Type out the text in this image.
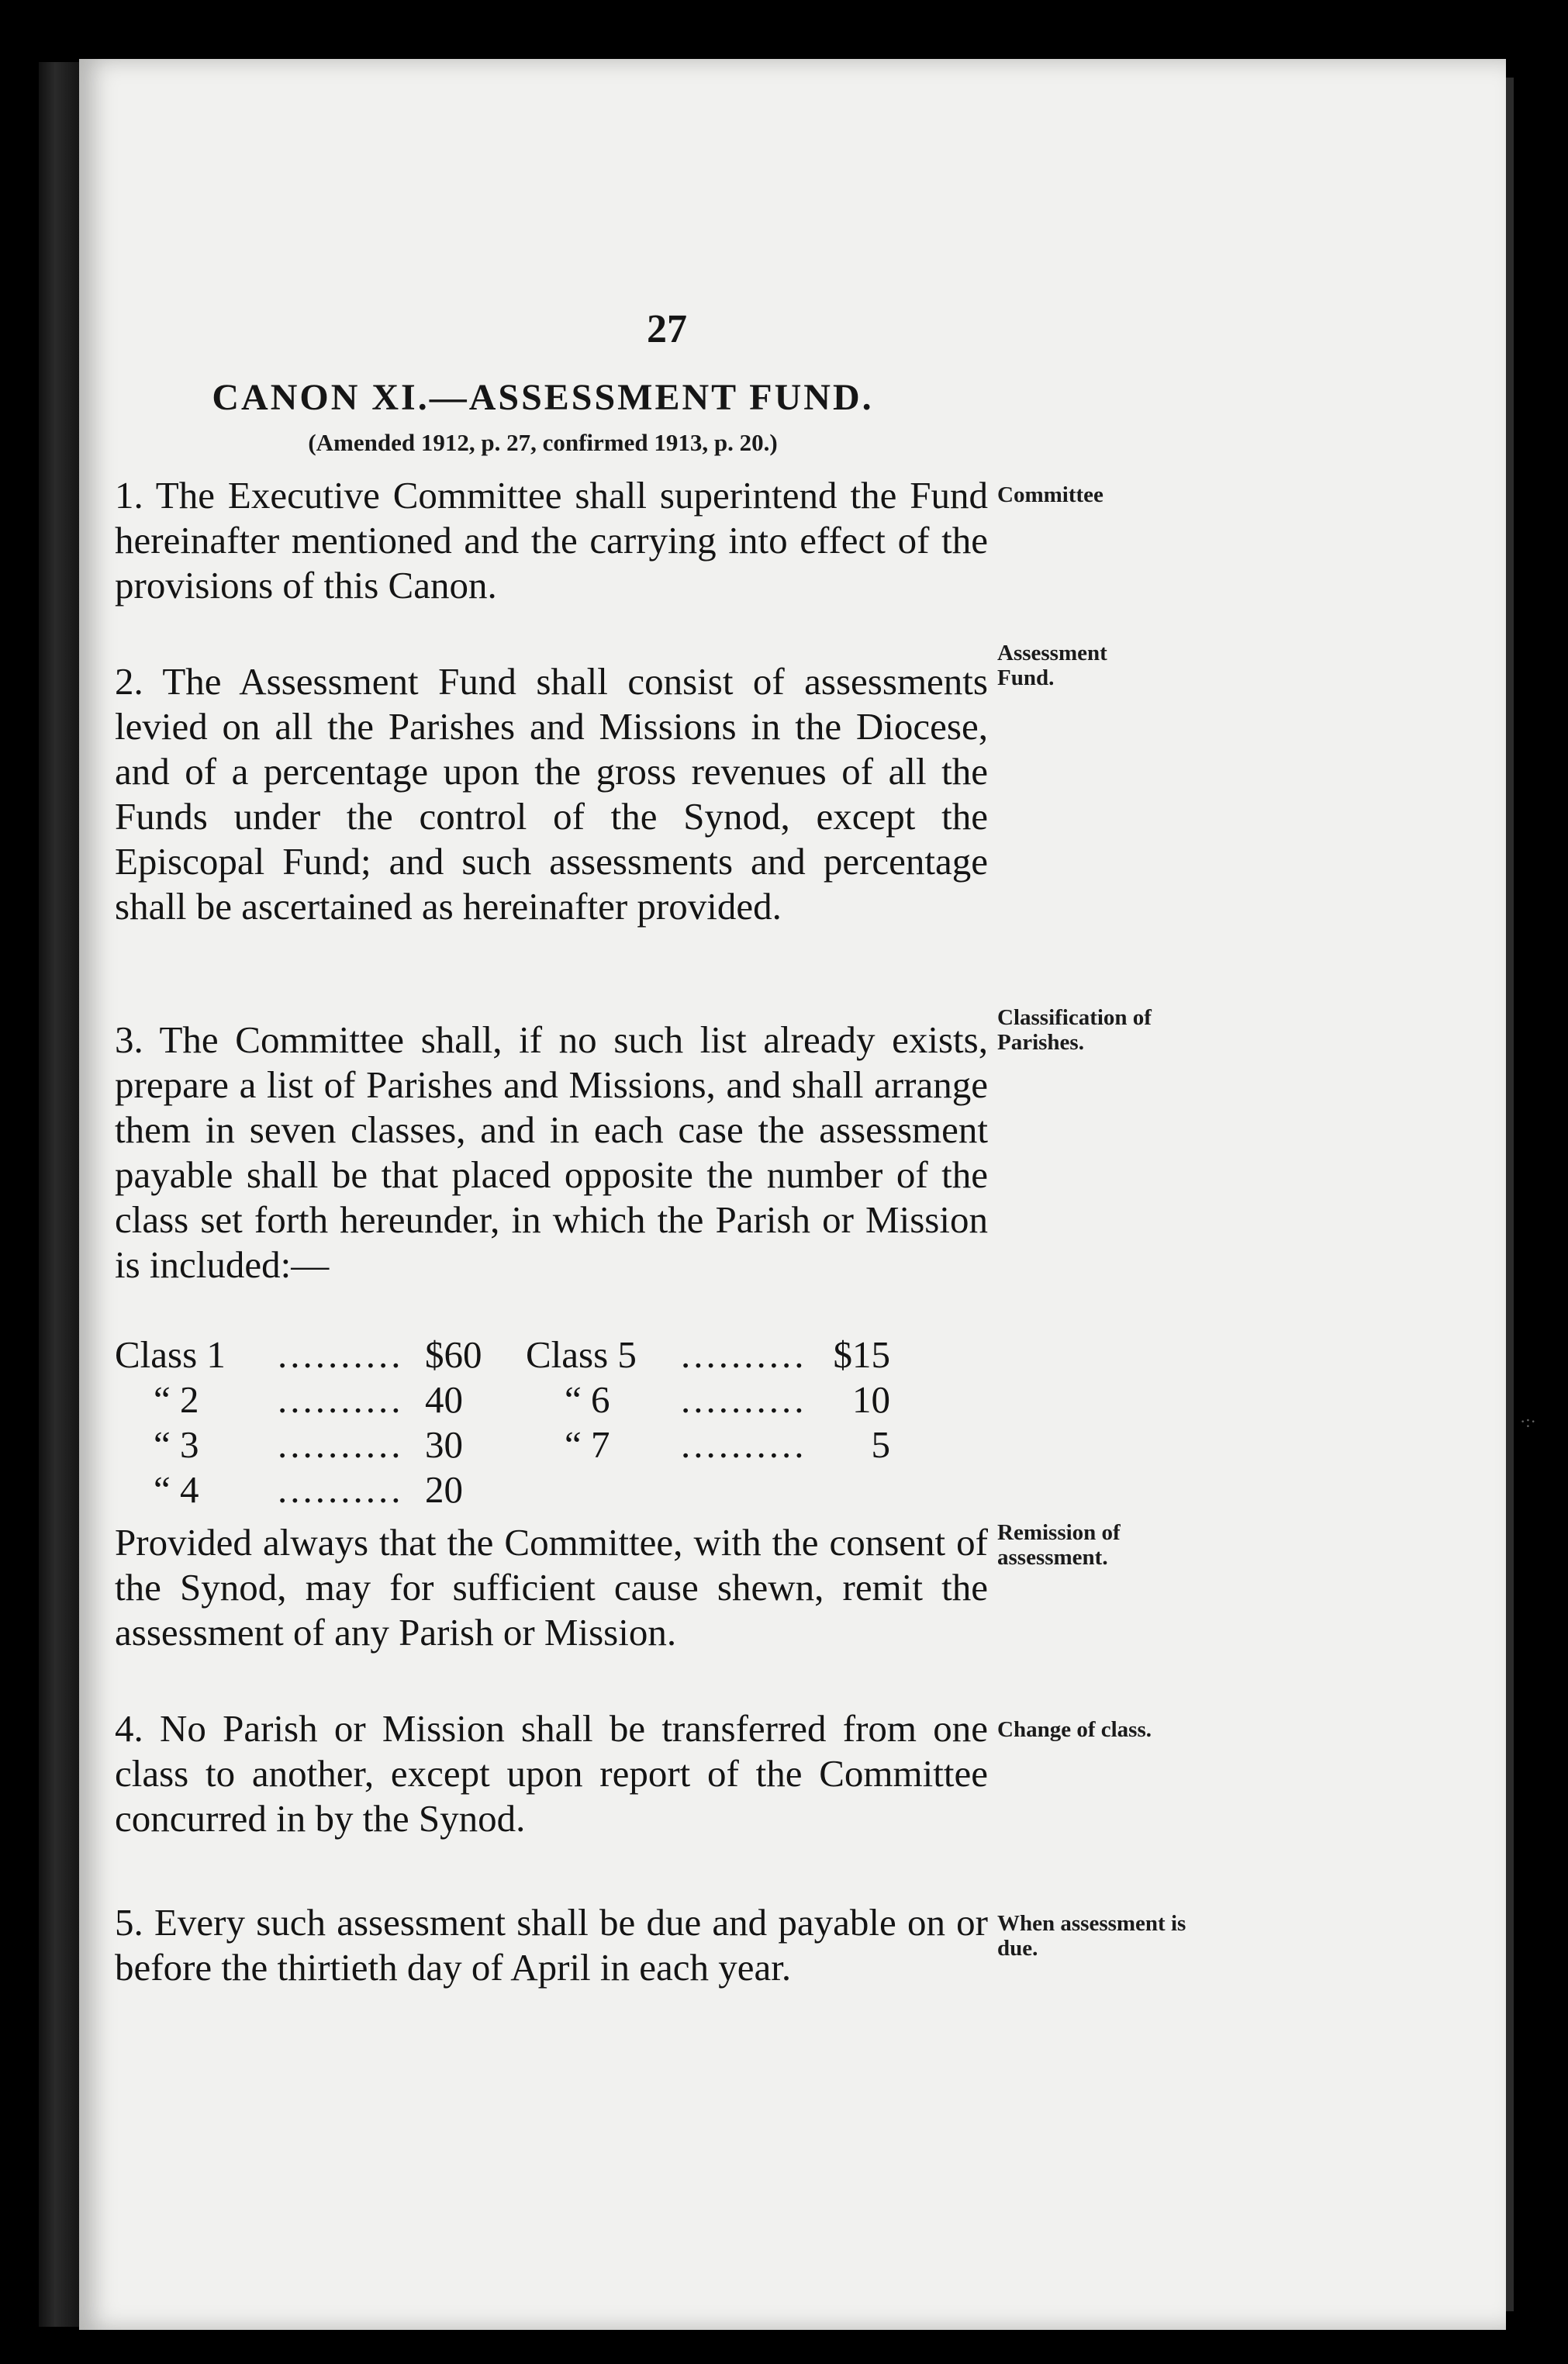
27
CANON XI.—ASSESSMENT FUND.
(Amended 1912, p. 27, confirmed 1913, p. 20.)
1. The Executive Committee shall superintend the Fund hereinafter mentioned and the carrying into effect of the provisions of this Canon.
2. The Assessment Fund shall consist of assessments levied on all the Parishes and Missions in the Diocese, and of a percentage upon the gross revenues of all the Funds under the control of the Synod, except the Episcopal Fund; and such assessments and percentage shall be ascertained as hereinafter provided.
3. The Committee shall, if no such list already exists, prepare a list of Parishes and Missions, and shall arrange them in seven classes, and in each case the assessment payable shall be that placed opposite the number of the class set forth hereunder, in which the Parish or Mission is included:—
Class 1	.......... $60	Class 5	.......... $15
“ 2	.......... 40	“ 6	..........	10
“ 3	.......... 30	“ 7	..........	5
“ 4	.......... 20
Provided always that the Committee, with the consent of the Synod, may for sufficient cause shewn, remit the assessment of any Parish or Mission.
4. No Parish or Mission shall be transferred from one class to another, except upon report of the Committee concurred in by the Synod.
5. Every such assessment shall be due and payable on or before the thirtieth day of April in each year.
Committee
Assessment Fund.
Classification of Parishes.
Remission of assessment.
Change of class.
When assessment is due.
·:·
